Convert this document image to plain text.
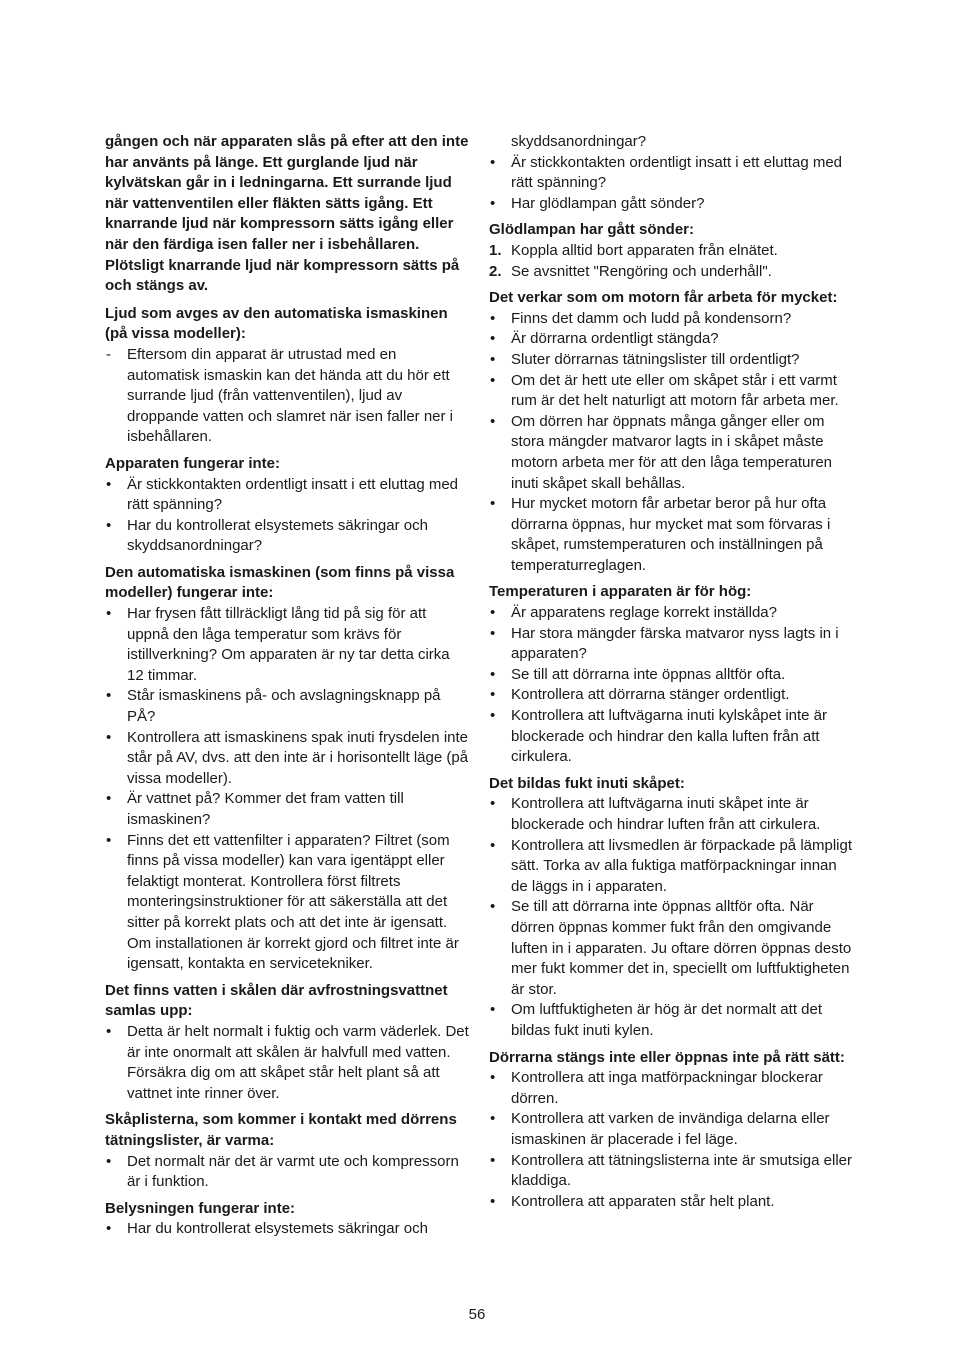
gången och när apparaten slås på efter att den inte har använts på länge. Ett gurglande ljud när kylvätskan går in i ledningarna. Ett surrande ljud när vattenventilen eller fläkten sätts igång. Ett knarrande ljud när kompressorn sätts igång eller när den färdiga isen faller ner i isbehållaren. Plötsligt knarrande ljud när kompressorn sätts på och stängs av.

Ljud som avges av den automatiska ismaskinen (på vissa modeller):

- Eftersom din apparat är utrustad med en automatisk ismaskin kan det hända att du hör ett surrande ljud (från vattenventilen), ljud av droppande vatten och slamret när isen faller ner i isbehållaren.

Apparaten fungerar inte:

• Är stickkontakten ordentligt insatt i ett eluttag med rätt spänning?
• Har du kontrollerat elsystemets säkringar och skyddsanordningar?

Den automatiska ismaskinen (som finns på vissa modeller) fungerar inte:

• Har frysen fått tillräckligt lång tid på sig för att uppnå den låga temperatur som krävs för istillverkning? Om apparaten är ny tar detta cirka 12 timmar.
• Står ismaskinens på- och avslagningsknapp på PÅ?
• Kontrollera att ismaskinens spak inuti frysdelen inte står på AV, dvs. att den inte är i horisontellt läge (på vissa modeller).
• Är vattnet på? Kommer det fram vatten till ismaskinen?
• Finns det ett vattenfilter i apparaten? Filtret (som finns på vissa modeller) kan vara igentäppt eller felaktigt monterat. Kontrollera först filtrets monteringsinstruktioner för att säkerställa att det sitter på korrekt plats och att det inte är igensatt.

Om installationen är korrekt gjord och filtret inte är igensatt, kontakta en servicetekniker.

Det finns vatten i skålen där avfrostningsvattnet samlas upp:

• Detta är helt normalt i fuktig och varm väderlek. Det är inte onormalt att skålen är halvfull med vatten. Försäkra dig om att skåpet står helt plant så att vattnet inte rinner över.

Skåplisterna, som kommer i kontakt med dörrens tätningslister, är varma:

• Det normalt när det är varmt ute och kompressorn är i funktion.

Belysningen fungerar inte:

• Har du kontrollerat elsystemets säkringar och
skyddsanordningar?
• Är stickkontakten ordentligt insatt i ett eluttag med rätt spänning?
• Har glödlampan gått sönder?

Glödlampan har gått sönder:

1. Koppla alltid bort apparaten från elnätet.
2. Se avsnittet "Rengöring och underhåll".

Det verkar som om motorn får arbeta för mycket:

• Finns det damm och ludd på kondensorn?
• Är dörrarna ordentligt stängda?
• Sluter dörrarnas tätningslister till ordentligt?
• Om det är hett ute eller om skåpet står i ett varmt rum är det helt naturligt att motorn får arbeta mer.
• Om dörren har öppnats många gånger eller om stora mängder matvaror lagts in i skåpet måste motorn arbeta mer för att den låga temperaturen inuti skåpet skall behållas.
• Hur mycket motorn får arbetar beror på hur ofta dörrarna öppnas, hur mycket mat som förvaras i skåpet, rumstemperaturen och inställningen på temperaturreglagen.

Temperaturen i apparaten är för hög:

• Är apparatens reglage korrekt inställda?
• Har stora mängder färska matvaror nyss lagts in i apparaten?
• Se till att dörrarna inte öppnas alltför ofta.
• Kontrollera att dörrarna stänger ordentligt.
• Kontrollera att luftvägarna inuti kylskåpet inte är blockerade och hindrar den kalla luften från att cirkulera.

Det bildas fukt inuti skåpet:

• Kontrollera att luftvägarna inuti skåpet inte är blockerade och hindrar luften från att cirkulera.
• Kontrollera att livsmedlen är förpackade på lämpligt sätt. Torka av alla fuktiga matförpackningar innan de läggs in i apparaten.
• Se till att dörrarna inte öppnas alltför ofta. När dörren öppnas kommer fukt från den omgivande luften in i apparaten. Ju oftare dörren öppnas desto mer fukt kommer det in, speciellt om luftfuktigheten är stor.
• Om luftfuktigheten är hög är det normalt att det bildas fukt inuti kylen.

Dörrarna stängs inte eller öppnas inte på rätt sätt:

• Kontrollera att inga matförpackningar blockerar dörren.
• Kontrollera att varken de invändiga delarna eller ismaskinen är placerade i fel läge.
• Kontrollera att tätningslisterna inte är smutsiga eller kladdiga.
• Kontrollera att apparaten står helt plant.
56
